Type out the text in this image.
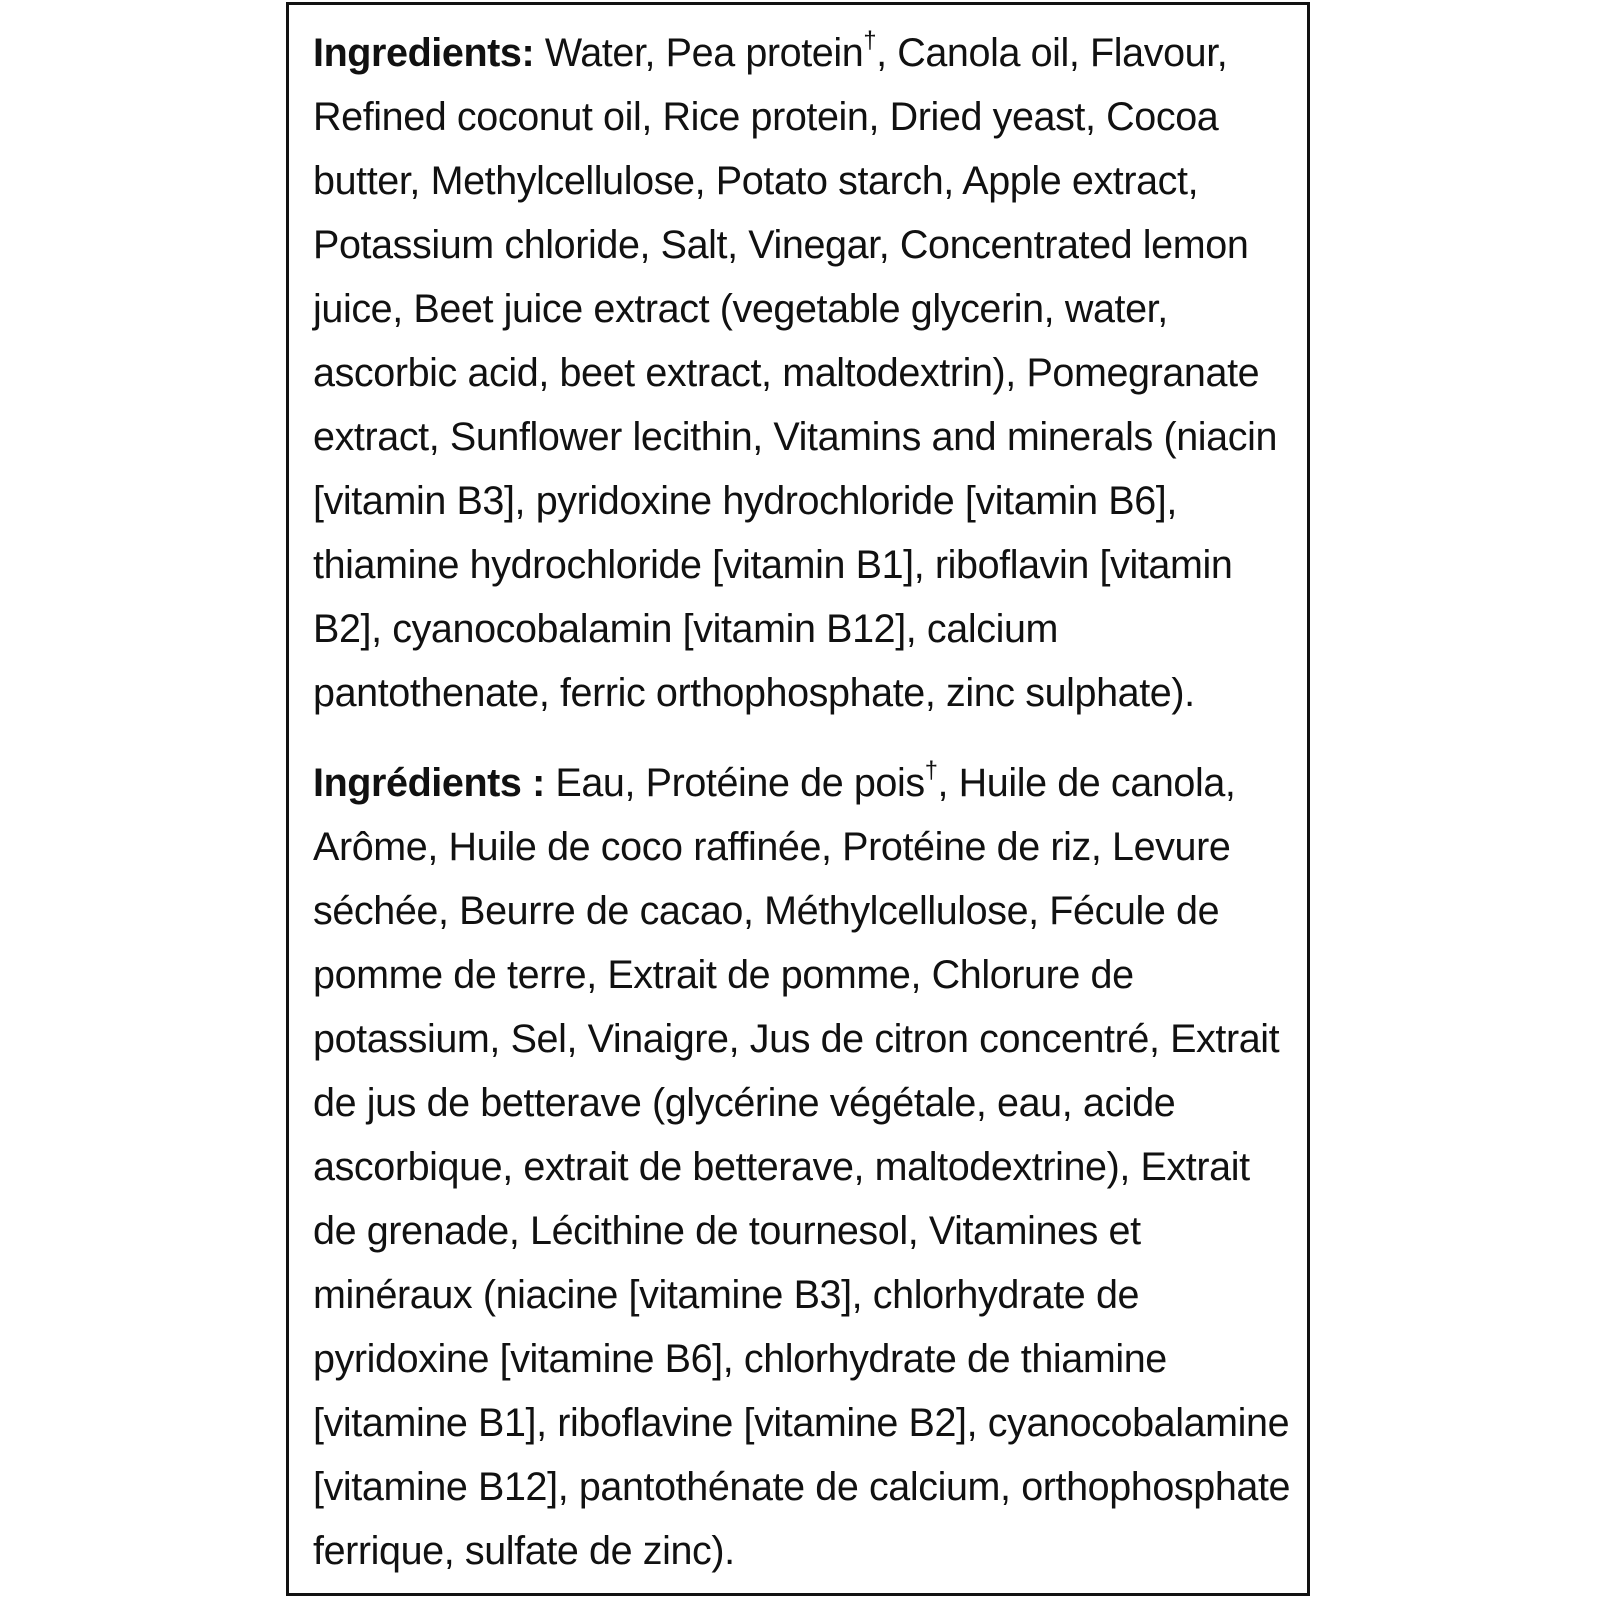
Ingredients: Water, Pea protein†, Canola oil, Flavour, Refined coconut oil, Rice protein, Dried yeast, Cocoa butter, Methylcellulose, Potato starch, Apple extract, Potassium chloride, Salt, Vinegar, Concentrated lemon juice, Beet juice extract (vegetable glycerin, water, ascorbic acid, beet extract, maltodextrin), Pomegranate extract, Sunflower lecithin, Vitamins and minerals (niacin [vitamin B3], pyridoxine hydrochloride [vitamin B6], thiamine hydrochloride [vitamin B1], riboflavin [vitamin B2], cyanocobalamin [vitamin B12], calcium pantothenate, ferric orthophosphate, zinc sulphate).

Ingrédients : Eau, Protéine de pois†, Huile de canola, Arôme, Huile de coco raffinée, Protéine de riz, Levure séchée, Beurre de cacao, Méthylcellulose, Fécule de pomme de terre, Extrait de pomme, Chlorure de potassium, Sel, Vinaigre, Jus de citron concentré, Extrait de jus de betterave (glycérine végétale, eau, acide ascorbique, extrait de betterave, maltodextrine), Extrait de grenade, Lécithine de tournesol, Vitamines et minéraux (niacine [vitamine B3], chlorhydrate de pyridoxine [vitamine B6], chlorhydrate de thiamine [vitamine B1], riboflavine [vitamine B2], cyanocobalamine [vitamine B12], pantothénate de calcium, orthophosphate ferrique, sulfate de zinc).
